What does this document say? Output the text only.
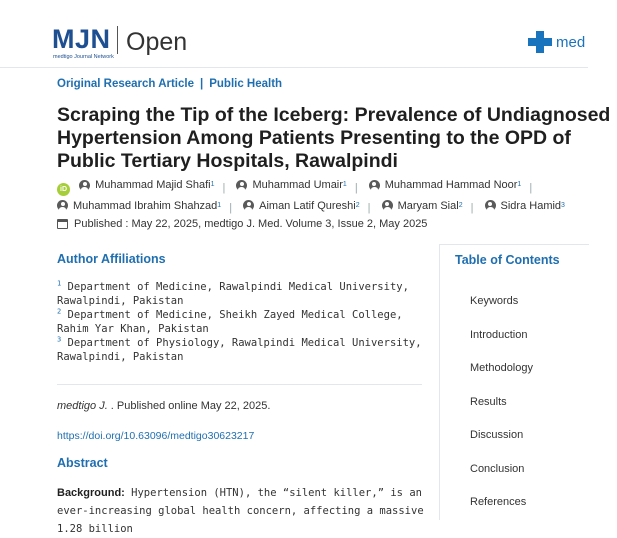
MJN
medtigo Journal Network
Open	med
Original Research Article | Public Health
Scraping the Tip of the Iceberg: Prevalence of Undiagnosed Hypertension Among Patients Presenting to the OPD of Public Tertiary Hospitals, Rawalpindi
iD	Muhammad Majid Shafi 1 | Muhammad Umair 1 | Muhammad Hammad Noor 1 |

Muhammad Ibrahim Shahzad 1 | Aiman Latif Qureshi 2 | Maryam Sial 2 | Sidra Hamid 3
Published : May 22, 2025, medtigo J. Med. Volume 3, Issue 2, May 2025
Author Affiliations
$^1$ Department of Medicine, Rawalpindi Medical University, Rawalpindi, Pakistan
$^2$ Department of Medicine, Sheikh Zayed Medical College, Rahim Yar Khan, Pakistan
$^3$ Department of Physiology, Rawalpindi Medical University, Rawalpindi, Pakistan
medtigo J. . Published online May 22, 2025.
https://doi.org/10.63096/medtigo30623217
Abstract

Background: Hypertension (HTN), the “silent killer,” is an ever-increasing global health concern, affecting a massive 1.28 billion

Table of Contents
Keywords
Introduction
Methodology
Results
Discussion
Conclusion
References
